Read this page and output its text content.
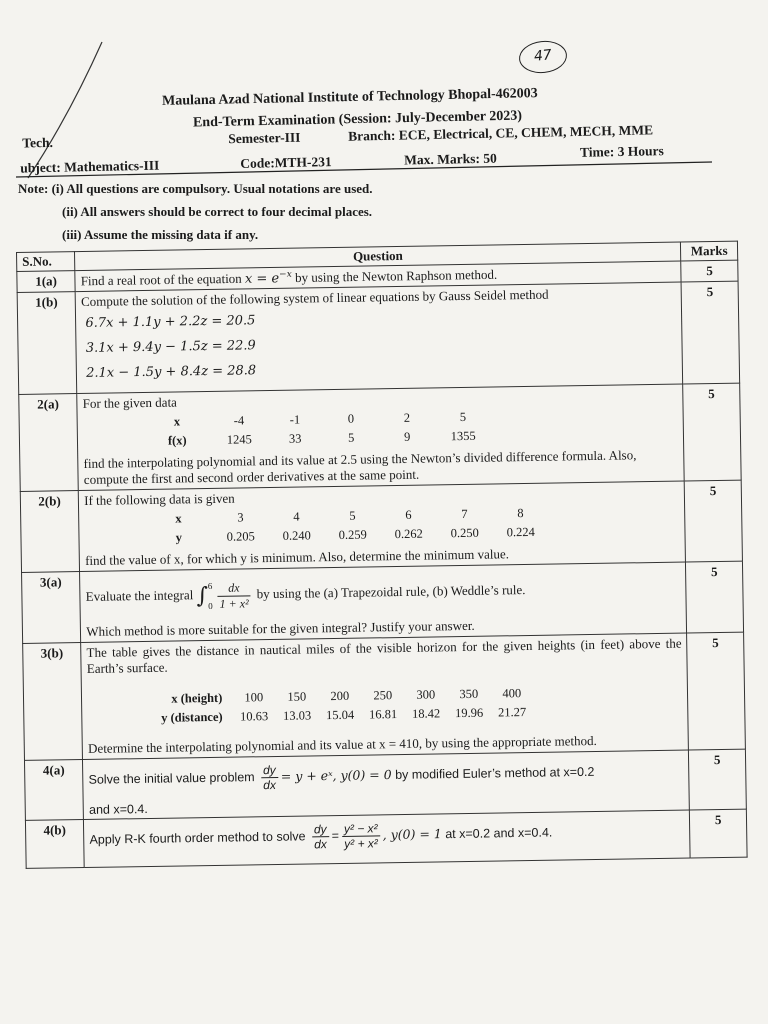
47
Maulana Azad National Institute of Technology Bhopal-462003
End-Term Examination (Session: July-December 2023)
Tech.	Semester-III	Branch: ECE, Electrical, CE, CHEM, MECH, MME
ubject: Mathematics-III	Code:MTH-231	Max. Marks: 50	Time: 3 Hours
Note: (i) All questions are compulsory. Usual notations are used.
(ii) All answers should be correct to four decimal places.
(iii) Assume the missing data if any.
S.No.	Question	Marks
1(a)	Find a real root of the equation $x = e^{-x}$ by using the Newton Raphson method.	5
1(b)	Compute the solution of the following system of linear equations by Gauss Seidel method
6.7x + 1.1y + 2.2z = 20.5
3.1x + 9.4y − 1.5z = 22.9
2.1x − 1.5y + 8.4z = 28.8
	5
2(a)	For the given data
x	-4	-1	0	2	5
f(x)	1245	33	5	9	1355
find the interpolating polynomial and its value at 2.5 using the Newton’s divided difference formula. Also, compute the first and second order derivatives at the same point.	5
2(b)	If the following data is given
x	3	4	5	6	7	8
y	0.205	0.240	0.259	0.262	0.250	0.224
find the value of x, for which y is minimum. Also, determine the minimum value.	5
3(a)	
Evaluate the integral ∫ 6
$0 \frac{dx}{\text{1 + x²}}$ by using the (a) Trapezoidal rule, (b) Weddle’s rule.
Which method is more suitable for the given integral? Justify your answer.	5
3(b)	The table gives the distance in nautical miles of the visible horizon for the given heights (in feet) above the Earth’s surface.
x (height)	100	150	200	250	300	350	400
y (distance)	10.63	13.03	15.04	16.81	18.42	19.96	21.27
Determine the interpolating polynomial and its value at x = 410, by using the appropriate method.	5
4(a)	
Solve the initial value problem $\frac{dy}{dx} = y$ + eˣ, y(0) = 0 by modified Euler’s method at x=0.2
and x=0.4.	5
4(b)	Apply R-K fourth order method to solve $\frac{dy}{dx} = \frac{\text{y² − x²}}{\text{y² + x²}}$ , y(0) = 1 at x=0.2 and x=0.4.
	5
